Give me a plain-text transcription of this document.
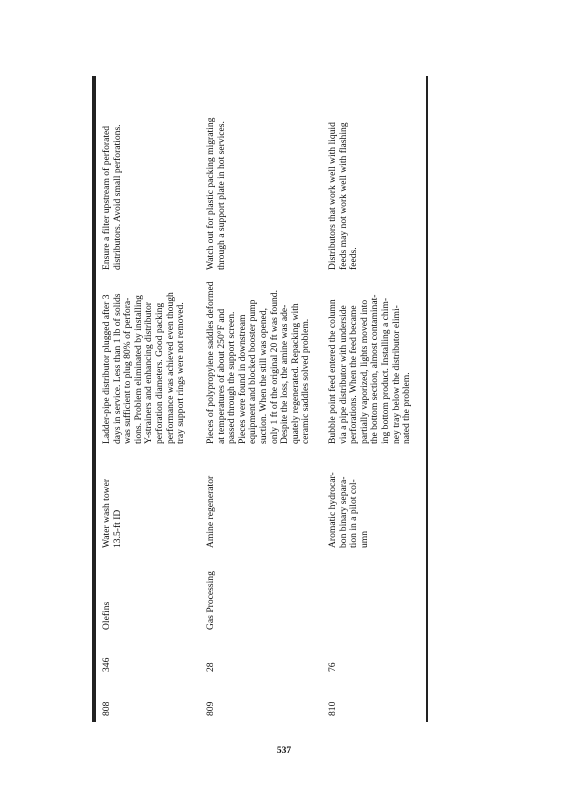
808
346
Olefins
Water wash tower
13.5-ft ID
Ladder-pipe distributor plugged after 3
days in service. Less than 1 lb of solids
was sufficient to plug 80% of perfora-
tions. Problem eliminated by installing
Y-strainers and enhancing distributor
perforation diameters. Good packing
performance was achieved even though
tray support rings were not removed.
Ensure a filter upstream of perforated
distributors. Avoid small perforations.
809
28
Gas Processing
Amine regenerator
Pieces of polypropylene saddles deformed
at temperatures of about 250°F and
passed through the support screen.
Pieces were found in downstream
equipment and blocked booster pump
suction. When the still was opened,
only 1 ft of the original 20 ft was found.
Despite the loss, the amine was ade-
quately regenerated. Repacking with
ceramic saddles solved problem.
Watch out for plastic packing migrating
through a support plate in hot services.
810
76
Aromatic hydrocar-
bon binary separa-
tion in a pilot col-
umn
Bubble point feed entered the column
via a pipe distributor with underside
perforations. When the feed became
partially vaporized, lights moved into
the bottom section, almost contaminat-
ing bottom product. Installing a chim-
ney tray below the distributor elimi-
nated the problem.
Distributors that work well with liquid
feeds may not work well with flashing
feeds.
537
